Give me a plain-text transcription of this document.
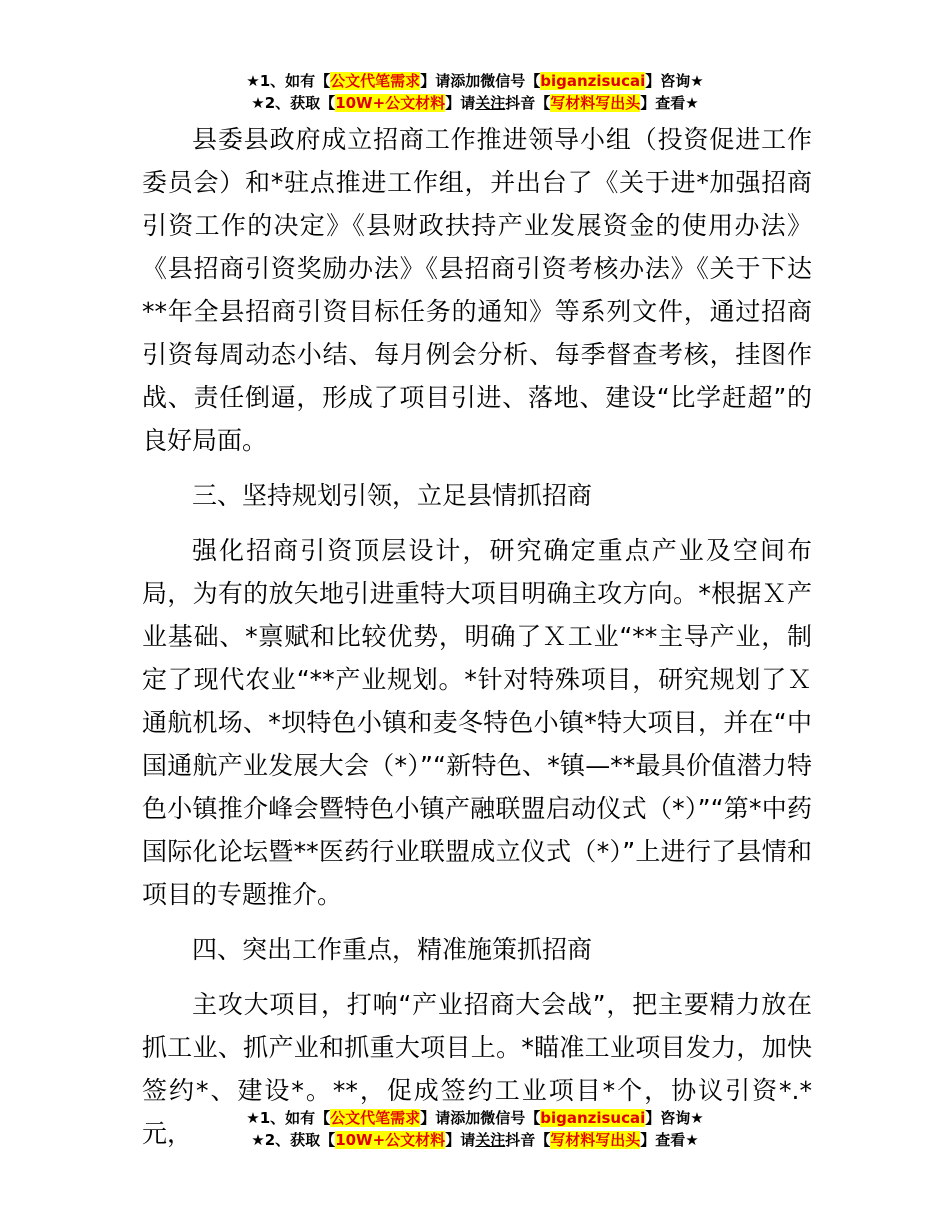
★1、如有【公文代笔需求】请添加微信号【biganzisucai】咨询★
★2、获取【10W+公文材料】请关注抖音【写材料写出头】查看★

县委县政府成立招商工作推进领导小组（投资促进工作委员会）和*驻点推进工作组，并出台了《关于进*加强招商引资工作的决定》《县财政扶持产业发展资金的使用办法》《县招商引资奖励办法》《县招商引资考核办法》《关于下达**年全县招商引资目标任务的通知》等系列文件，通过招商引资每周动态小结、每月例会分析、每季督查考核，挂图作战、责任倒逼，形成了项目引进、落地、建设“比学赶超”的良好局面。

三、坚持规划引领，立足县情抓招商

强化招商引资顶层设计，研究确定重点产业及空间布局，为有的放矢地引进重特大项目明确主攻方向。*根据Ｘ产业基础、*禀赋和比较优势，明确了Ｘ工业“**主导产业，制定了现代农业“**产业规划。*针对特殊项目，研究规划了Ｘ通航机场、*坝特色小镇和麦冬特色小镇*特大项目，并在“中国通航产业发展大会（*）”“新特色、*镇—**最具价值潜力特色小镇推介峰会暨特色小镇产融联盟启动仪式（*）”“第*中药国际化论坛暨**医药行业联盟成立仪式（*）”上进行了县情和项目的专题推介。

四、突出工作重点，精准施策抓招商

主攻大项目，打响“产业招商大会战”，把主要精力放在抓工业、抓产业和抓重大项目上。*瞄准工业项目发力，加快签约*、建设*。**，促成签约工业项目*个，协议引资*.*元，

★1、如有【公文代笔需求】请添加微信号【biganzisucai】咨询★
★2、获取【10W+公文材料】请关注抖音【写材料写出头】查看★
